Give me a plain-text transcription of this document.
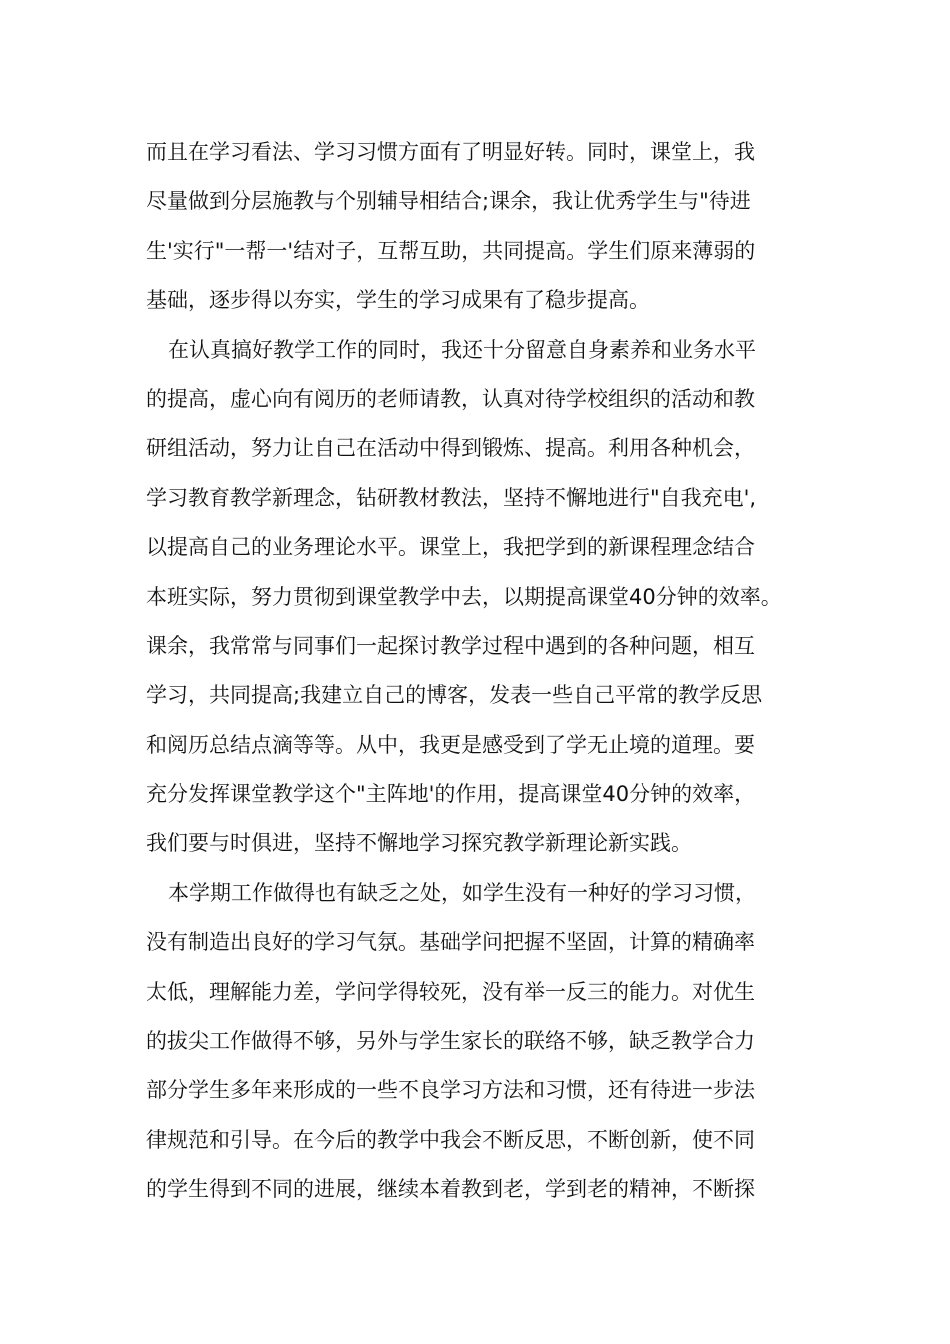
而且在学习看法、学习习惯方面有了明显好转。同时，课堂上，我
尽量做到分层施教与个别辅导相结合;课余，我让优秀学生与"待进
生'实行"一帮一'结对子，互帮互助，共同提高。学生们原来薄弱的
基础，逐步得以夯实，学生的学习成果有了稳步提高。
在认真搞好教学工作的同时，我还十分留意自身素养和业务水平
的提高，虚心向有阅历的老师请教，认真对待学校组织的活动和教
研组活动，努力让自己在活动中得到锻炼、提高。利用各种机会，
学习教育教学新理念，钻研教材教法，坚持不懈地进行"自我充电',
以提高自己的业务理论水平。课堂上，我把学到的新课程理念结合
本班实际，努力贯彻到课堂教学中去，以期提高课堂40分钟的效率。
课余，我常常与同事们一起探讨教学过程中遇到的各种问题，相互
学习，共同提高;我建立自己的博客，发表一些自己平常的教学反思
和阅历总结点滴等等。从中，我更是感受到了学无止境的道理。要
充分发挥课堂教学这个"主阵地'的作用，提高课堂40分钟的效率，
我们要与时俱进，坚持不懈地学习探究教学新理论新实践。
本学期工作做得也有缺乏之处，如学生没有一种好的学习习惯，
没有制造出良好的学习气氛。基础学问把握不坚固，计算的精确率
太低，理解能力差，学问学得较死，没有举一反三的能力。对优生
的拔尖工作做得不够，另外与学生家长的联络不够，缺乏教学合力
部分学生多年来形成的一些不良学习方法和习惯，还有待进一步法
律规范和引导。在今后的教学中我会不断反思，不断创新，使不同
的学生得到不同的进展，继续本着教到老，学到老的精神，不断探
